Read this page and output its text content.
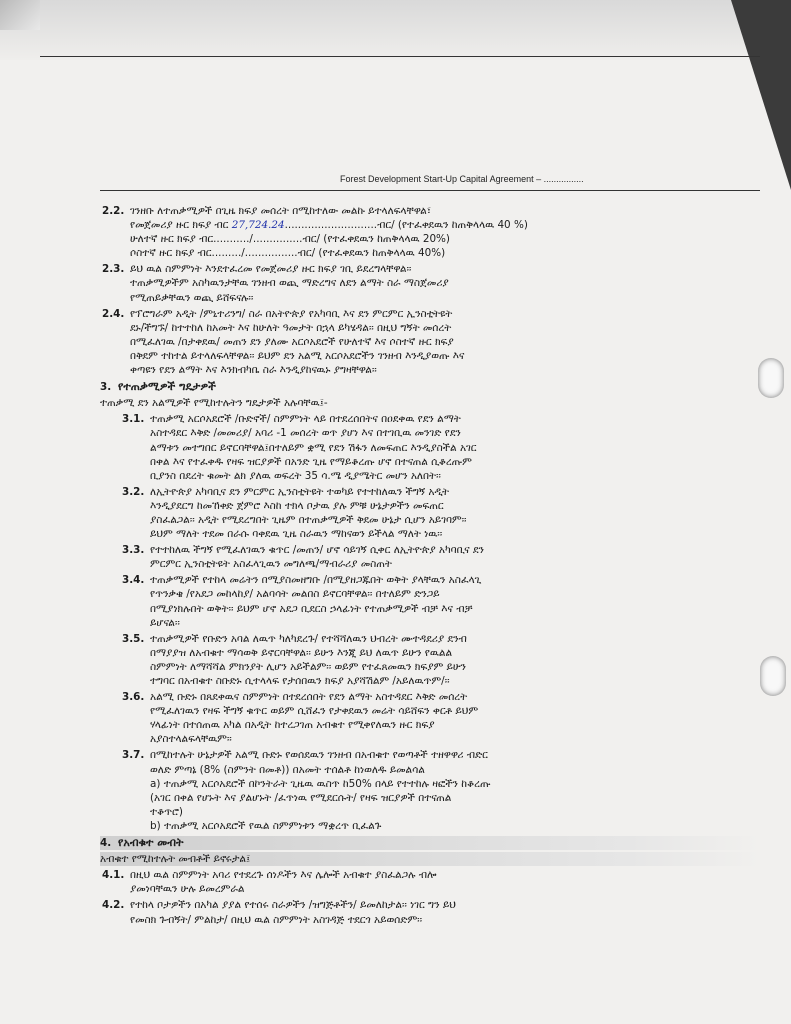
Forest Development Start-Up Capital Agreement – ................
2.2. ገንዘቡ ለተጠቃሚዎች በጊዜ ክፍያ መሰረት በሚከተለው መልኩ ይተላለፍላቸዋል፣
የመጀመሪያ ዙር ክፍያ ብር 27,724.24............................ብር/ (የተፈቀደዉን ከጠቅላላዉ 40 %)
ሁለተኛ ዙር ክፍያ ብር.........../...............ብር/ (የተፈቀደዉን ከጠቅላላዉ 20%)
ሶስተኛ ዙር ክፍያ ብር........./................ብር/ (የተፈቀደዉን ከጠቅላላዉ 40%)
2.3. ይህ ዉል ስምምነት እንደተፈረመ የመጀመሪያ ዙር ክፍያ ገቢ ይደረግላቸዋል፡፡
ተጠቃሚዎችም አስካዉንታቸዉ ገንዘብ ወጪ ማድረግና ለደን ልማት ስራ ማስጀመሪያ
የሚጠይቃቸዉን ወጪ ይሸፍናሉ፡፡
2.4. የፕሮግራም አዲት /ምኒተሪንግ/ ስራ በአትዮጵያ የአካባቢ እና ደን ምርምር ኢንስቲትዩት
ደኑ/ችግኙ/ ከተተከለ ከአመት እና ከሁለት ዓመታት በኋላ ይካሄዳል፡፡ በዚህ ግኝት መሰረት
በሚፈለገዉ /በታቀደዉ/ መጠን ደን ያለሙ አርሶአደሮች የሁለተኛ እና ሶስተኛ ዙር ክፍያ
በቅደም ተከተል ይተላለፍላቸዋል፡፡ ይህም ደን አልሚ አርሶአደሮችን ገንዘብ እንዲያወጡ እና
ቀጣዩን የደን ልማት እና እንክብካቤ ስራ እንዲያከናዉኑ ያግዛቸዋል፡፡
3. የተጠቃሚዎች ግዴታዎች
ተጠቃሚ ደን አልሚዎች የሚከተሉትን ግዴታዎች አሉባቸዉ፤-
3.1. ተጠቃሚ አርሶአደሮች /ቡድኖች/ ስምምነት ላይ በተደረሰበትና በዐደቀዉ የደን ልማት
አስተዳደር እቅድ /መመሪያ/ አባሪ -1 መሰረት ወጥ ያሆነ እና በተገቢዉ መንገድ የደን
ልማቱን መተግበር ይኖርባቸዋል፤በተለይም ቋሚ የደን ሽፋን ለመፍጠር እንዲያስችል አገር
በቀል እና የተፈቀዱ የዛፍ ዝርያዎች በአንድ ጊዜ የማይቆረጡ ሆኖ በተናጠል ሲቆረጡም
ቢያንስ በደረት ቁመት ልክ ያለዉ ወፍረት 35 ሳ.ሜ ዲያሜትር መሆን አለበት፡፡
3.2. ለኢትዮጵያ አካባቢና ደን ምርምር ኢንስቲትዩት ተወካይ የተተከለዉን ችግኝ አዲት
እንዲያደርግ ከመኸቀድ ጀምሮ እስከ ተክላ ቦታዉ ያሉ ምቹ ሁኔታዎችን መፍጠር
ያስፈልጋል፡፡ አዲት የሚደረግበት ጊዜም በተጠቃሚዎች ቅደመ ሁኔታ ሲሆን አይገባም፡፡
ይህም ማለት ተደመ በራሱ ባቀደዉ ጊዜ ስራዉን ማከናወን ይችላል ማለት ነዉ፡፡
3.3. የተተከለዉ ችግኝ የሚፈለገዉን ቁጥር /መጠን/ ሆኖ ሳይገኝ ሲቀር ለኢትዮጵያ አካባቢና ደን
ምርምር ኢንስቲትዩት አስፈላጊዉን መግለጫ/ማብራሪያ መስጠት
3.4. ተጠቃሚዎች የተከላ መሬትን በሚያስመዘግቡ /በሚያዘጋጁበት ወቅት ያላቸዉን አስፈላጊ
የጥንቃቄ /የአደጋ መከላከያ/ አልባሳት መልበስ ይኖርባቸዋል፡፡ በተለይም ድንጋይ
በሚያነክሉበት ወቅት፡፡ ይህም ሆኖ አደጋ ቢደርስ ኃላፊነት የተጠቃሚዎች ብቻ እና ብቻ
ይሆናል፡፡
3.5. ተጠቃሚዎች የቡድን አባል ለዉጥ ካለካደረጉ/ የተሻሻለዉን ህብረት ሙተዳደሪያ ደንብ
በማያያዝ ለአብቁተ ማሳወቅ ይኖርባቸዋል፡፡ ይሁን እንጂ ይህ ለዉጥ ይሁን የዉልል
ስምምነት ለማሻሻል ምክንያት ሊሆን አይችልም፡፡ ወይም የተፈጸመዉን ክፍያም ይሁን
ተግባር በአብቁተ ስቡድኑ ሲተላላፍ የታሰበዉን ክፍያ አያሻሽልም /አይለዉጥም/፡፡
3.6. አልሚ ቡድኑ በጸደቀዉና ስምምነት በተደረሰበት የደን ልማት አስተዳደር እቅድ መሰረት
የሚፈለገዉን የዛፍ ችግኝ ቁጥር ወይም ሲሸፈን የታቀደዉን መሬት ሳይሸፍን ቀርቶ ይህም
ሃላፊነት በተሰጠዉ አካል በአዲት ከተረጋገጠ አብቁተ የሚቀየለዉን ዙር ክፍያ
አያስተላልፍላቸዉም፡፡
3.7. በሚከተሉት ሁኔታዎች አልሚ ቡድኑ የወሰደዉን ገንዘብ በአብቁተ የወጣቶች ተዘዋዋሪ ብድር
ወለድ ምጣኔ (8% (ስምንት በመቶ)) በአመት ተሰልቶ ከነወለዱ ይመልሳል
a) ተጠቃሚ አርሶአደሮች በኮንትራት ጊዜዉ ዉስጥ ከ50% በላይ የተተከሉ ዛፎችን ከቆረጡ
(አገር በቀል የሆኑት እና ያልሆኑት /ፈጥነዉ የሚደርሱት/ የዛፍ ዝርያዎች በተናጠል
ተቆጥሮ)
b) ተጠቃሚ አርሶአደሮች የዉል ስምምነቱን ማቋረጥ ቢፈልጉ
4. የአብቁተ መብት
አብቁተ የሚከተሉት መብቶች ይኖሩታል፤
4.1. በዚህ ዉል ስምምነት አባሪ የተደረጉ ሰነዶችን እና ሌሎች አብቁተ ያስፈልጋሉ ብሎ
ያመነባቸዉን ሁሉ ይመረምራል
4.2. የተከላ ቦታዎችን በአካል ያያል የተሰሩ ስራዎችን /ዝግጅቶችን/ ይመለከታል፡፡ ነገር ግን ይህ
የመስክ ጉብኝት/ ምልከታ/ በዚህ ዉል ስምምነት አስገዳጅ ተደርጎ አይወሰድም፡፡
